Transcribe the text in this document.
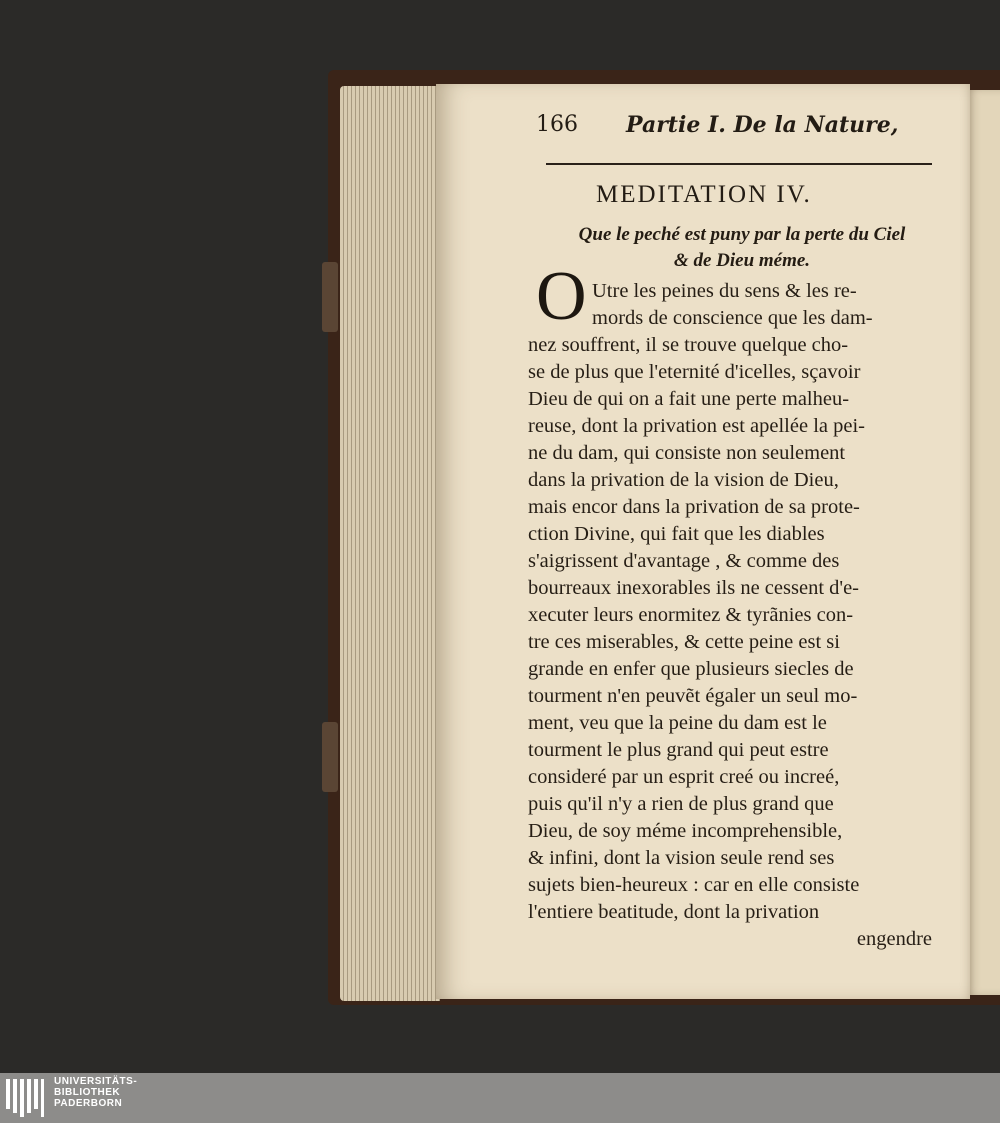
166 Partie I. De la Nature,
MEDITATION IV.
Que le peché est puny par la perte du Ciel
& de Dieu méme.
O Utre les peines du sens & les re-
mords de conscience que les dam-
nez souffrent, il se trouve quelque cho-
se de plus que l'eternité d'icelles, sçavoir
Dieu de qui on a fait une perte malheu-
reuse, dont la privation est apellée la pei-
ne du dam, qui consiste non seulement
dans la privation de la vision de Dieu,
mais encor dans la privation de sa prote-
ction Divine, qui fait que les diables
s'aigrissent d'avantage , & comme des
bourreaux inexorables ils ne cessent d'e-
xecuter leurs enormitez & tyrãnies con-
tre ces miserables, & cette peine est si
grande en enfer que plusieurs siecles de
tourment n'en peuvẽt égaler un seul mo-
ment, veu que la peine du dam est le
tourment le plus grand qui peut estre
consideré par un esprit creé ou increé,
puis qu'il n'y a rien de plus grand que
Dieu, de soy méme incomprehensible,
& infini, dont la vision seule rend ses
sujets bien-heureux : car en elle consiste
l'entiere beatitude, dont la privation
engendre
UNIVERSITÄTS-
BIBLIOTHEK
PADERBORN
